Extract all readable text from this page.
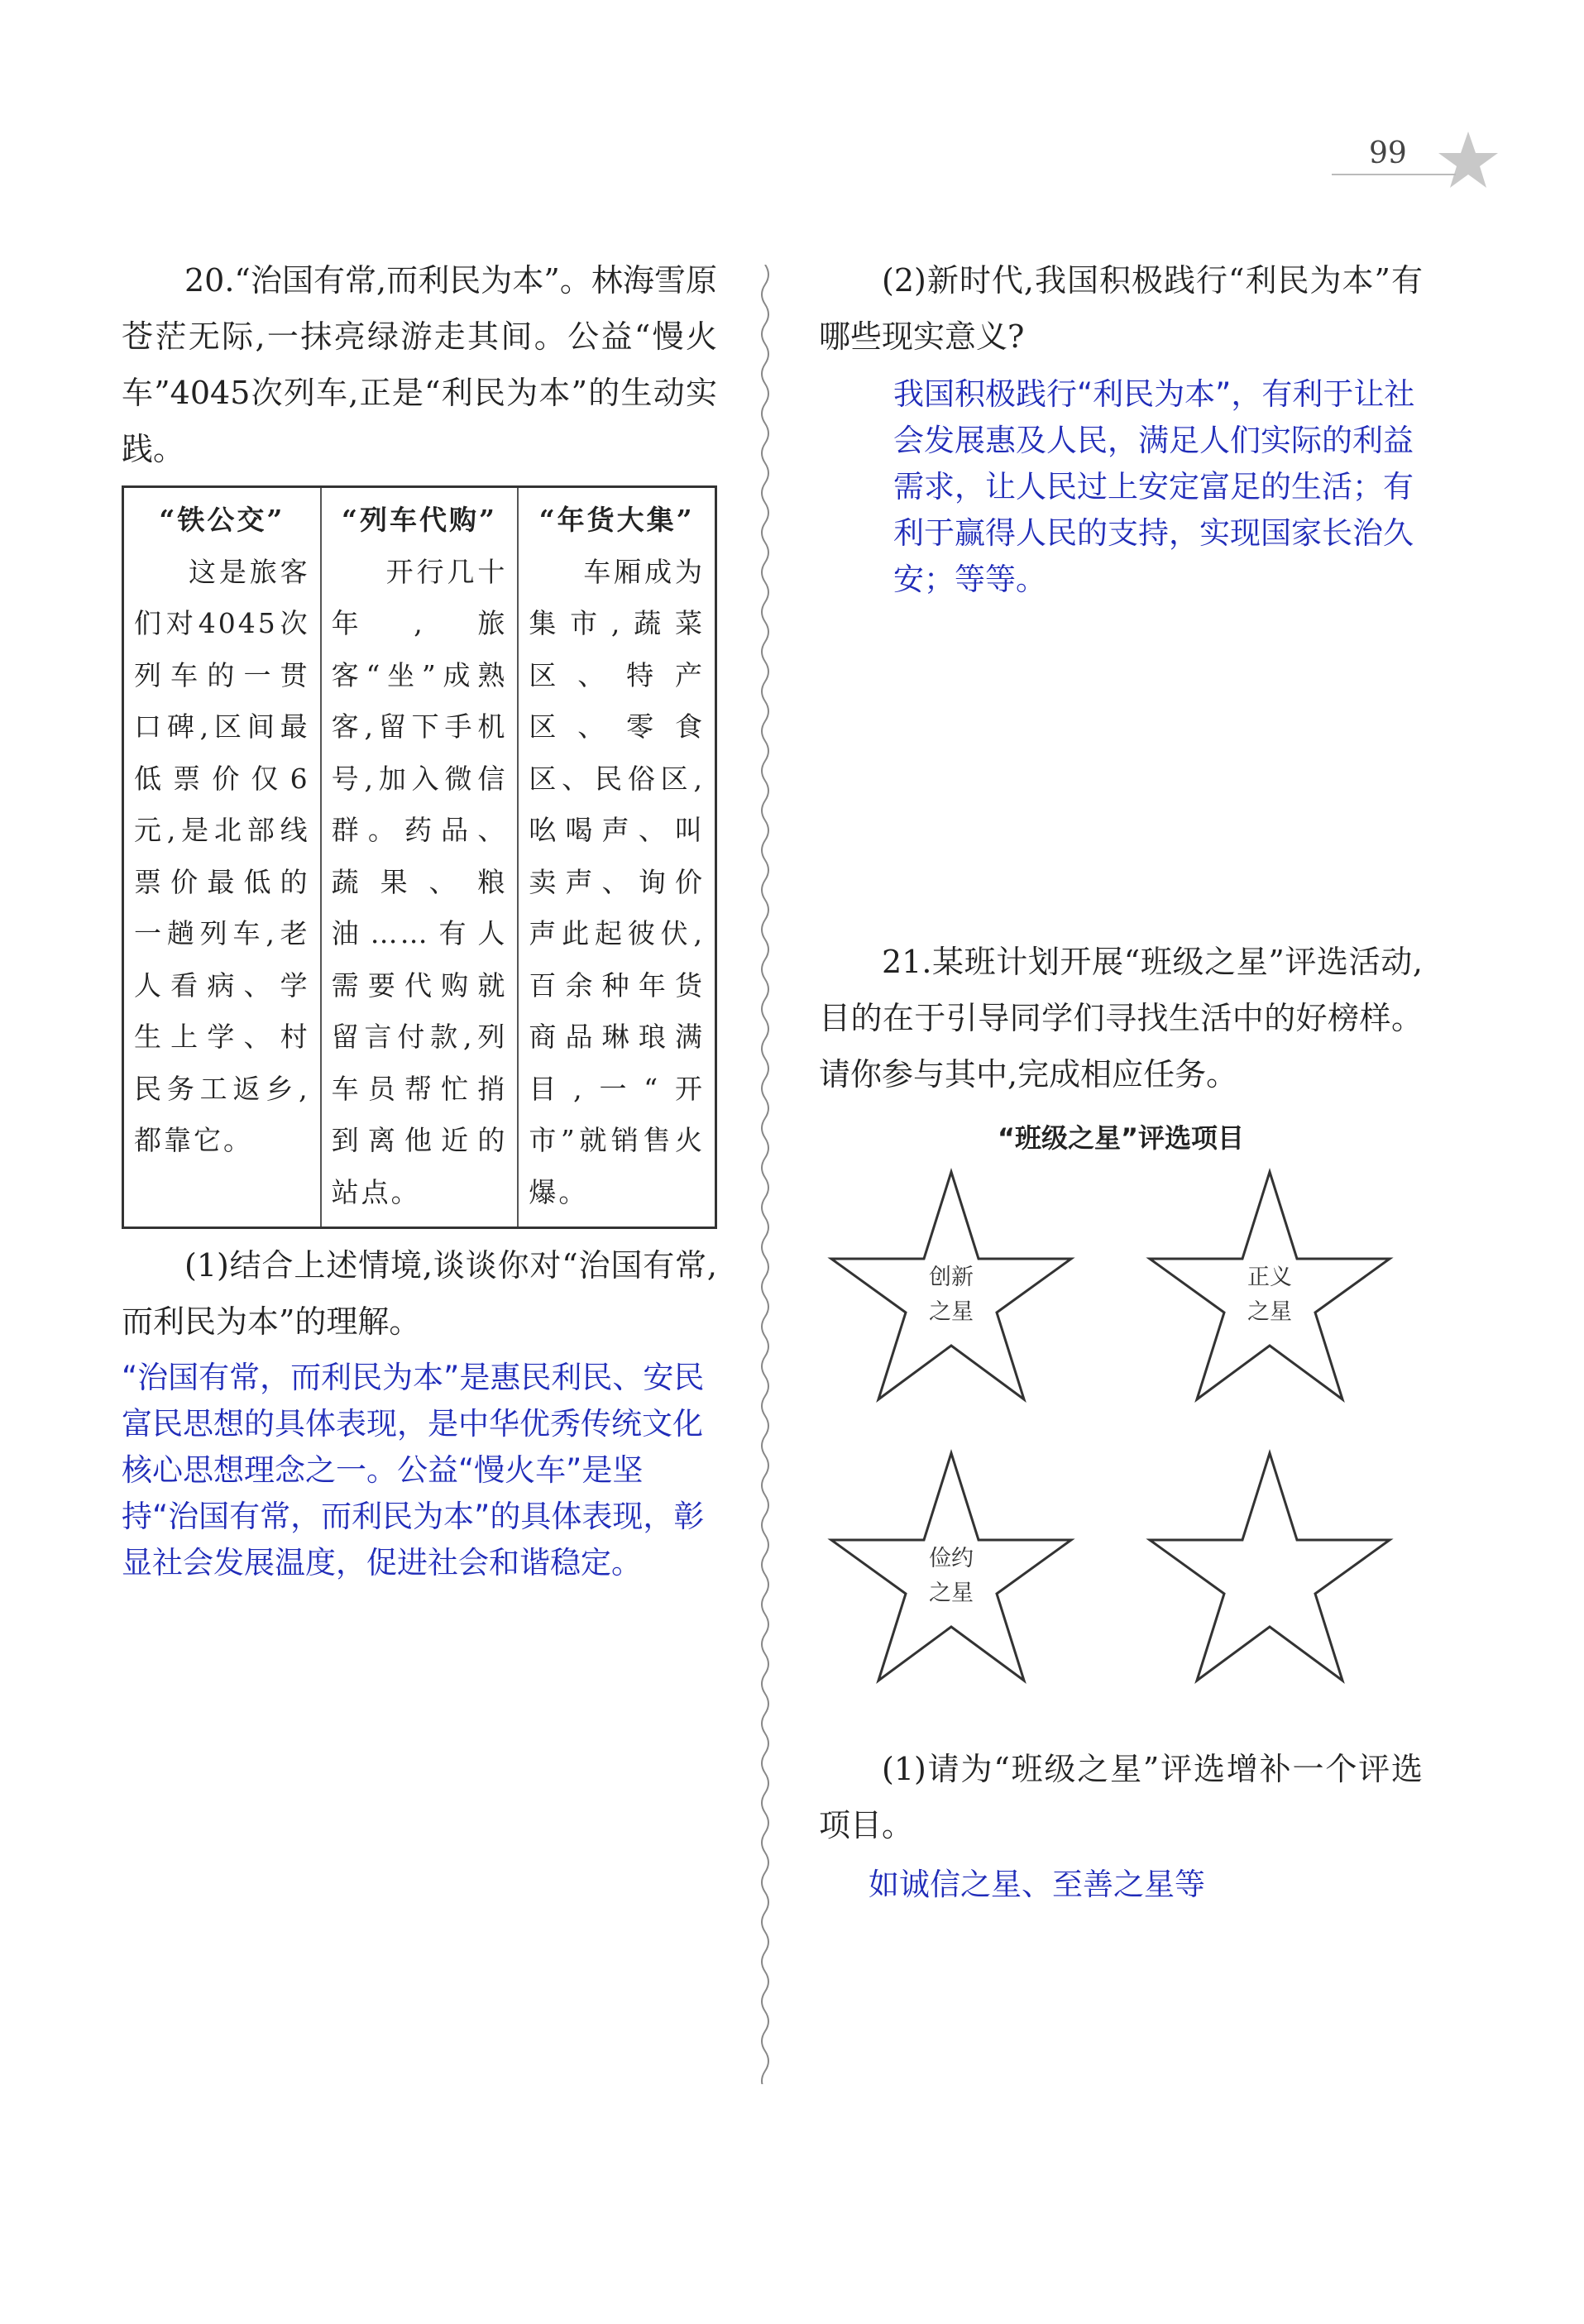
99

20.“治国有常,而利民为本”。林海雪原苍茫无际,一抹亮绿游走其间。公益“慢火车”4045次列车,正是“利民为本”的生动实践。

“铁公交”
这是旅客们对4045次列车的一贯口碑,区间最低票价仅6元,是北部线票价最低的一趟列车,老人看病、学生上学、村民务工返乡,都靠它。
“列车代购”
开行几十年,旅客“坐”成熟客,留下手机号,加入微信群。药品、蔬果、粮油……有人需要代购就留言付款,列车员帮忙捎到离他近的站点。
“年货大集”
车厢成为集市,蔬菜区、特产区、零食区、民俗区,吆喝声、叫卖声、询价声此起彼伏,百余种年货商品琳琅满目,一“开市”就销售火爆。

(1)结合上述情境,谈谈你对“治国有常,而利民为本”的理解。

“治国有常，而利民为本”是惠民利民、安民富民思想的具体表现，是中华优秀传统文化核心思想理念之一。公益“慢火车”是坚持“治国有常，而利民为本”的具体表现，彰显社会发展温度，促进社会和谐稳定。

(2)新时代,我国积极践行“利民为本”有哪些现实意义?

我国积极践行“利民为本”，有利于让社会发展惠及人民，满足人们实际的利益需求，让人民过上安定富足的生活；有利于赢得人民的支持，实现国家长治久安；等等。

21.某班计划开展“班级之星”评选活动,目的在于引导同学们寻找生活中的好榜样。请你参与其中,完成相应任务。

“班级之星”评选项目
创新
之星
正义
之星
俭约
之星

(1)请为“班级之星”评选增补一个评选项目。

如诚信之星、至善之星等
